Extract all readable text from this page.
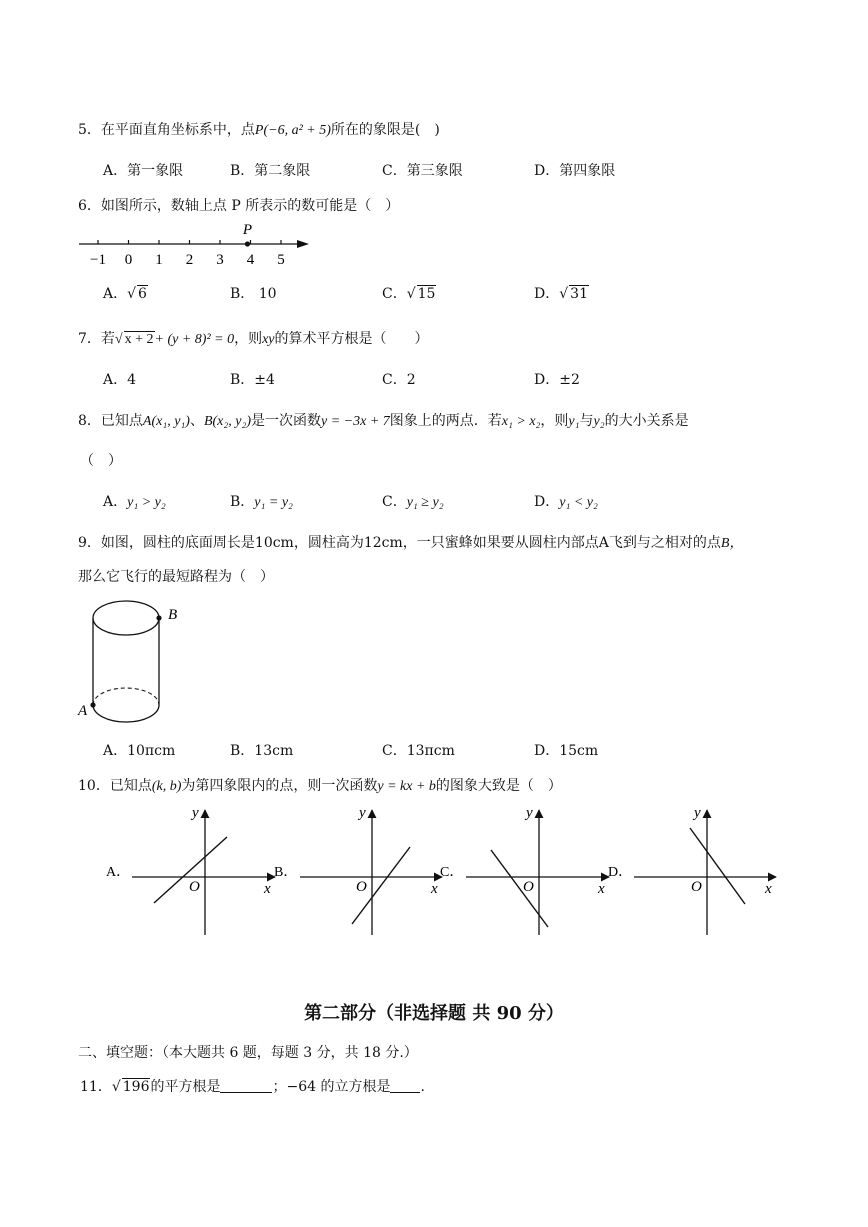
5．在平面直角坐标系中，点P(−6, a² + 5)所在的象限是(　)
A．第一象限	B．第二象限	C．第三象限	D．第四象限
6．如图所示，数轴上点 P 所表示的数可能是（　）
−1 0 1 2 3 4 5
P
A．√ 6	B． 10	C．√ 15	D．√ 31
7．若√ x + 2+ (y + 8)² = 0，则xy的算术平方根是（　　）
A．4	B．±4	C．2	D．±2
8．已知点A(x₁, y₁)、B(x₂, y₂)是一次函数y = −3x + 7图象上的两点．若x₁ > x₂，则y₁与y₂的大小关系是
（　）
A．y₁ > y₂	B．y₁ = y₂	C．y₁ ≥ y₂	D．y₁ < y₂
9．如图，圆柱的底面周长是10cm，圆柱高为12cm，一只蜜蜂如果要从圆柱内部点A飞到与之相对的点B，
那么它飞行的最短路程为（　）
B
A
A．10πcm	B．13cm	C．13πcm	D．15cm
10．已知点(k, b)为第四象限内的点，则一次函数y = kx + b的图象大致是（　）
A．
y
x
O
B．
y
x
O
C．
y
x
O
D．
y
x
O
第二部分（非选择题 共 90 分）
二、填空题：（本大题共 6 题，每题 3 分，共 18 分.）
11．√ 196的平方根是	；−64 的立方根是 .
